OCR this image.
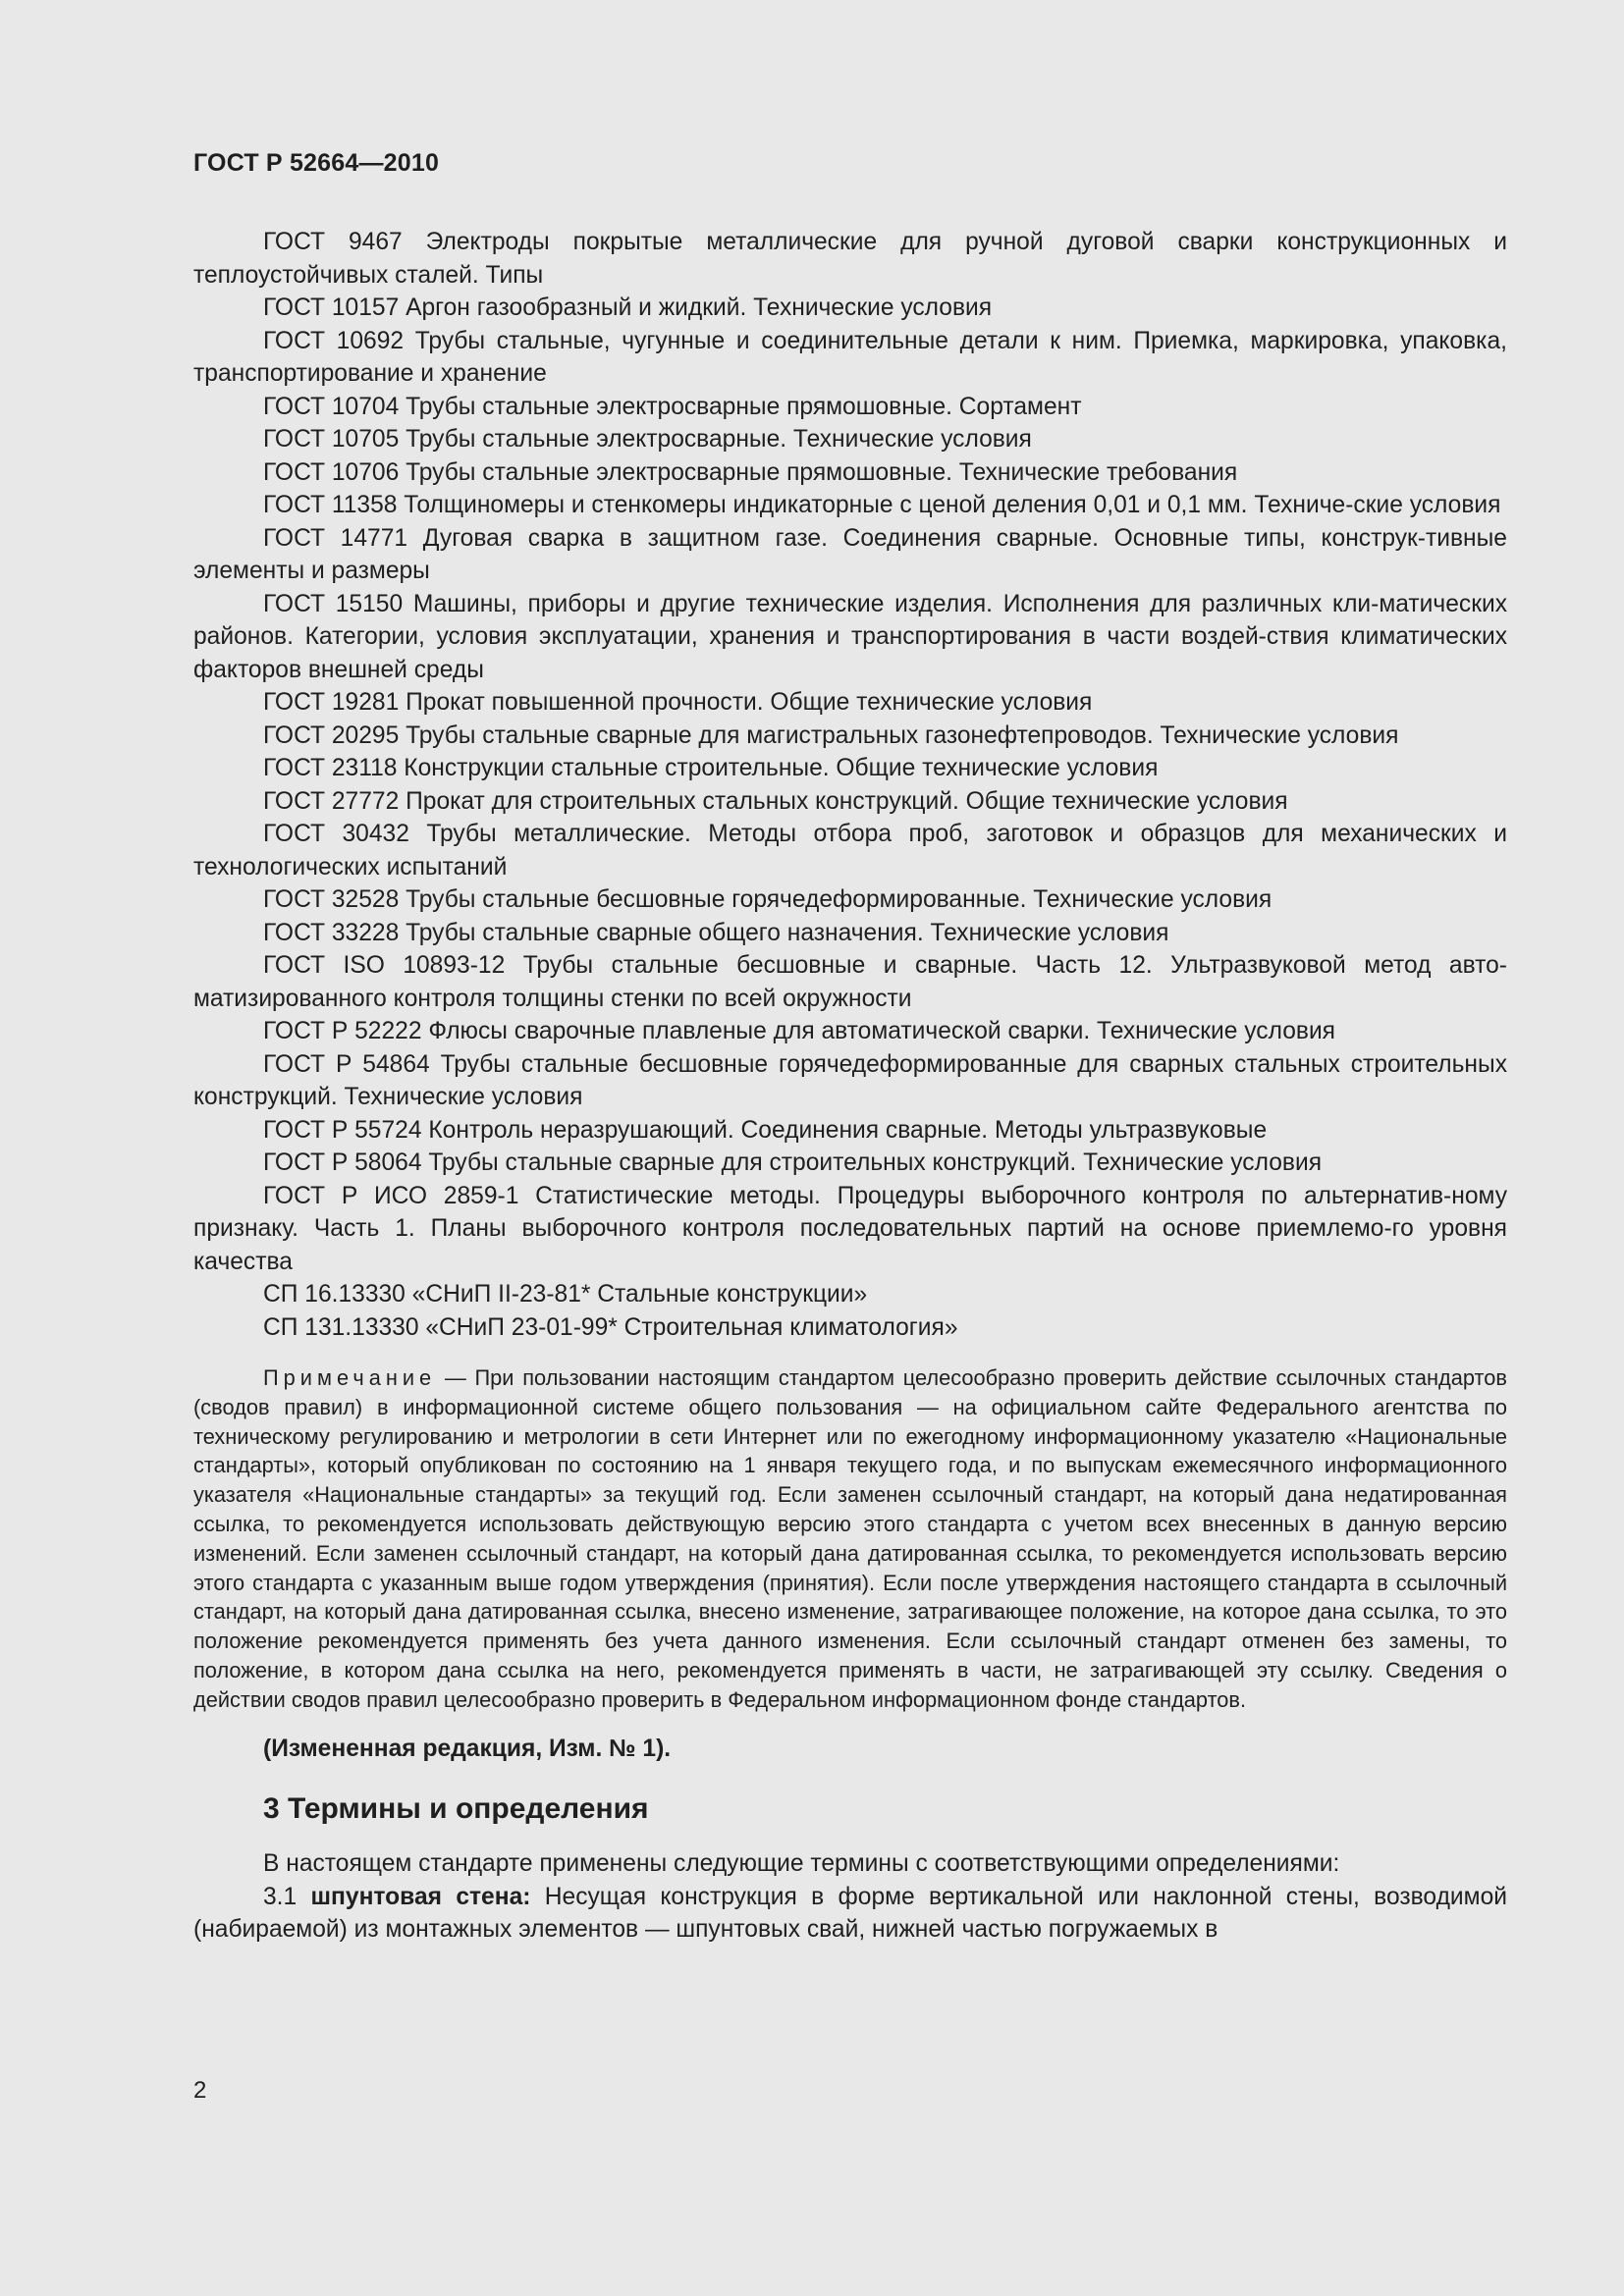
ГОСТ Р 52664—2010

ГОСТ 9467 Электроды покрытые металлические для ручной дуговой сварки конструкционных и теплоустойчивых сталей. Типы

ГОСТ 10157 Аргон газообразный и жидкий. Технические условия

ГОСТ 10692 Трубы стальные, чугунные и соединительные детали к ним. Приемка, маркировка, упаковка, транспортирование и хранение

ГОСТ 10704 Трубы стальные электросварные прямошовные. Сортамент

ГОСТ 10705 Трубы стальные электросварные. Технические условия

ГОСТ 10706 Трубы стальные электросварные прямошовные. Технические требования

ГОСТ 11358 Толщиномеры и стенкомеры индикаторные с ценой деления 0,01 и 0,1 мм. Техниче-ские условия

ГОСТ 14771 Дуговая сварка в защитном газе. Соединения сварные. Основные типы, конструк-тивные элементы и размеры

ГОСТ 15150 Машины, приборы и другие технические изделия. Исполнения для различных кли-матических районов. Категории, условия эксплуатации, хранения и транспортирования в части воздей-ствия климатических факторов внешней среды

ГОСТ 19281 Прокат повышенной прочности. Общие технические условия

ГОСТ 20295 Трубы стальные сварные для магистральных газонефтепроводов. Технические условия

ГОСТ 23118 Конструкции стальные строительные. Общие технические условия

ГОСТ 27772 Прокат для строительных стальных конструкций. Общие технические условия

ГОСТ 30432 Трубы металлические. Методы отбора проб, заготовок и образцов для механических и технологических испытаний

ГОСТ 32528 Трубы стальные бесшовные горячедеформированные. Технические условия

ГОСТ 33228 Трубы стальные сварные общего назначения. Технические условия

ГОСТ ISO 10893-12 Трубы стальные бесшовные и сварные. Часть 12. Ультразвуковой метод авто-матизированного контроля толщины стенки по всей окружности

ГОСТ Р 52222 Флюсы сварочные плавленые для автоматической сварки. Технические условия

ГОСТ Р 54864 Трубы стальные бесшовные горячедеформированные для сварных стальных строительных конструкций. Технические условия

ГОСТ Р 55724 Контроль неразрушающий. Соединения сварные. Методы ультразвуковые

ГОСТ Р 58064 Трубы стальные сварные для строительных конструкций. Технические условия

ГОСТ Р ИСО 2859-1 Статистические методы. Процедуры выборочного контроля по альтернатив-ному признаку. Часть 1. Планы выборочного контроля последовательных партий на основе приемлемо-го уровня качества

СП 16.13330 «СНиП II-23-81* Стальные конструкции»

СП 131.13330 «СНиП 23-01-99* Строительная климатология»

Примечание — При пользовании настоящим стандартом целесообразно проверить действие ссылочных стандартов (сводов правил) в информационной системе общего пользования — на официальном сайте Федерального агентства по техническому регулированию и метрологии в сети Интернет или по ежегодному информационному указателю «Национальные стандарты», который опубликован по состоянию на 1 января текущего года, и по выпускам ежемесячного информационного указателя «Национальные стандарты» за текущий год. Если заменен ссылочный стандарт, на который дана недатированная ссылка, то рекомендуется использовать действующую версию этого стандарта с учетом всех внесенных в данную версию изменений. Если заменен ссылочный стандарт, на который дана датированная ссылка, то рекомендуется использовать версию этого стандарта с указанным выше годом утверждения (принятия). Если после утверждения настоящего стандарта в ссылочный стандарт, на который дана датированная ссылка, внесено изменение, затрагивающее положение, на которое дана ссылка, то это положение рекомендуется применять без учета данного изменения. Если ссылочный стандарт отменен без замены, то положение, в котором дана ссылка на него, рекомендуется применять в части, не затрагивающей эту ссылку. Сведения о действии сводов правил целесообразно проверить в Федеральном информационном фонде стандартов.
(Измененная редакция, Изм. № 1).
3 Термины и определения

В настоящем стандарте применены следующие термины с соответствующими определениями:

3.1 шпунтовая стена: Несущая конструкция в форме вертикальной или наклонной стены, возводимой (набираемой) из монтажных элементов — шпунтовых свай, нижней частью погружаемых в

2
